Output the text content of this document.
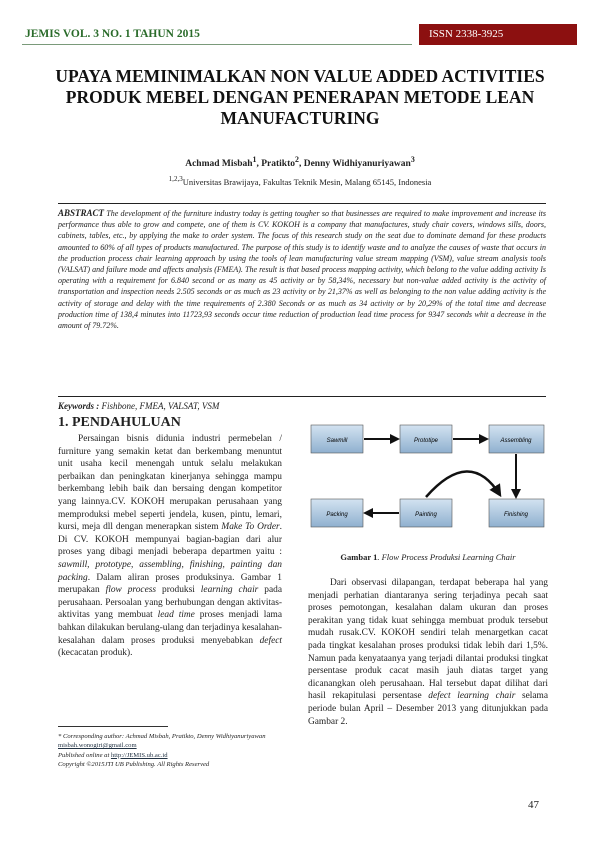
JEMIS VOL. 3 NO. 1 TAHUN 2015	ISSN 2338-3925
UPAYA MEMINIMALKAN NON VALUE ADDED ACTIVITIES PRODUK MEBEL DENGAN PENERAPAN METODE LEAN MANUFACTURING
Achmad Misbah$^1$, Pratikto$^2$, Denny Widhiyanuriyawan$^3$
$^{1,2,3}$Universitas Brawijaya, Fakultas Teknik Mesin, Malang 65145, Indonesia
ABSTRACT The development of the furniture industry today is getting tougher so that businesses are required to make improvement and increase its performance thus able to grow and compete, one of them is CV. KOKOH is a company that manufactures, study chair covers, windows sills, doors, cabinets, tables, etc., by applying the make to order system. The focus of this research study on the seat due to dominate demand for these products amounted to 60% of all types of products manufactured. The purpose of this study is to identify waste and to analyze the causes of waste that occurs in the production process chair learning approach by using the tools of lean manufacturing value stream mapping (VSM), value stream analysis tools (VALSAT) and failure mode and affects analysis (FMEA). The result is that based process mapping activity, which belong to the value adding activity Is operating with a requirement for 6.840 second or as many as 45 activity or by 58,34%, necessary but non-value added activity is the activity of transportation and inspection needs 2.505 seconds or as much as 23 activity or by 21,37% as well as belonging to the non value adding activity is the activity of storage and delay with the time requirements of 2.380 Seconds or as much as 34 activity or by 20,29% of the total time and decrease production time of 138,4 minutes into 11723,93 seconds occur time reduction of production lead time process for 9347 seconds whit a decrease in the amount of 79.72%.
Keywords : Fishbone, FMEA, VALSAT, VSM
1. PENDAHULUAN
Persaingan bisnis didunia industri permebelan / furniture yang semakin ketat dan berkembang menuntut unit usaha kecil menengah untuk selalu melakukan perbaikan dan peningkatan kinerjanya sehingga mampu berkembang lebih baik dan bersaing dengan kompetitor yang lainnya.CV. KOKOH merupakan perusahaan yang memproduksi mebel seperti jendela, kusen, pintu, lemari, kursi, meja dll dengan menerapkan sistem Make To Order. Di CV. KOKOH mempunyai bagian-bagian dari alur proses yang dibagi menjadi beberapa departmen yaitu : sawmill, prototype, assembling, finishing, painting dan packing. Dalam aliran proses produksinya. Gambar 1 merupakan flow process produksi learning chair pada perusahaan. Persoalan yang berhubungan dengan aktivitas-aktivitas yang membuat lead time proses menjadi lama bahkan dilakukan berulang-ulang dan terjadinya kesalahan-kesalahan dalam proses produksi menyebabkan defect (kecacatan produk).
* Corresponding author: Achmad Misbah, Pratikto, Denny Widhiyanuriyawan
misbah.wonogiri@gmail.com
Published online at http://JEMIS.ub.ac.id
Copyright ©2015JTI UB Publishing. All Rights Reserved
Sawmill	Prototipe	Assembling
Finishing
Painting
Packing
Gambar 1. Flow Process Produksi Learning Chair
Dari observasi dilapangan, terdapat beberapa hal yang menjadi perhatian diantaranya sering terjadinya pecah saat proses pemotongan, kesalahan dalam ukuran dan proses perakitan yang tidak kuat sehingga membuat produk tersebut mudah rusak.CV. KOKOH sendiri telah menargetkan cacat pada tingkat kesalahan proses produksi tidak lebih dari 1,5%. Namun pada kenyataanya yang terjadi dilantai produksi tingkat persentase produk cacat masih jauh diatas target yang dicanangkan oleh perusahaan. Hal tersebut dapat dilihat dari hasil rekapitulasi persentase defect learning chair selama periode bulan April – Desember 2013 yang ditunjukkan pada Gambar 2.
47
